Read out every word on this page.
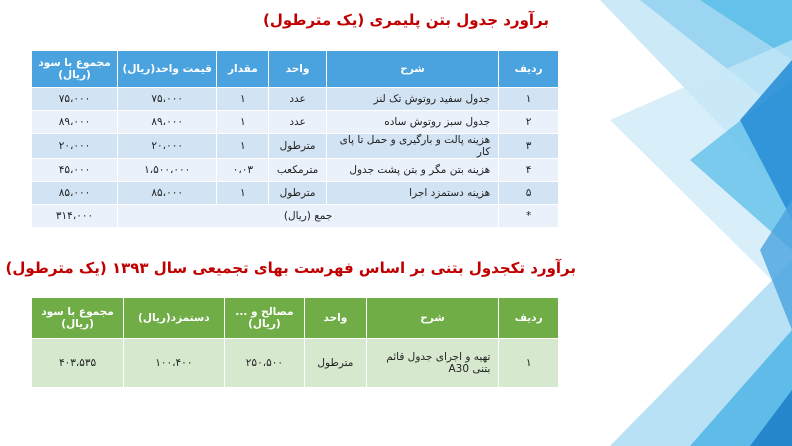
برآورد جدول بتن پلیمری (یک مترطول)
ردیف	شرح	واحد	مقدار	قیمت واحد(ریال)	مجموع با سود (ریال)
۱	جدول سفید روتوش تک لنز	عدد	۱	۷۵،۰۰۰	۷۵،۰۰۰
۲	جدول سبز روتوش ساده	عدد	۱	۸۹،۰۰۰	۸۹،۰۰۰
۳	هزینه پالت و بارگیری و حمل تا پای کار	مترطول	۱	۲۰،۰۰۰	۲۰،۰۰۰
۴	هزینه بتن مگر و بتن پشت جدول	مترمکعب	۰،۰۳	۱،۵۰۰،۰۰۰	۴۵،۰۰۰
۵	هزینه دستمزد اجرا	مترطول	۱	۸۵،۰۰۰	۸۵،۰۰۰
*	جمع (ریال)				۳۱۴،۰۰۰
برآورد تکجدول بتنی بر اساس فهرست بهای تجمیعی سال ۱۳۹۳ (یک مترطول)
ردیف	شرح	واحد	مصالح و ...(ریال)	دستمزد(ریال)	مجموع با سود (ریال)
۱	تهیه و اجرای جدول قائم بتنی A30	مترطول	۲۵۰،۵۰۰	۱۰۰،۴۰۰	۴۰۳،۵۳۵
